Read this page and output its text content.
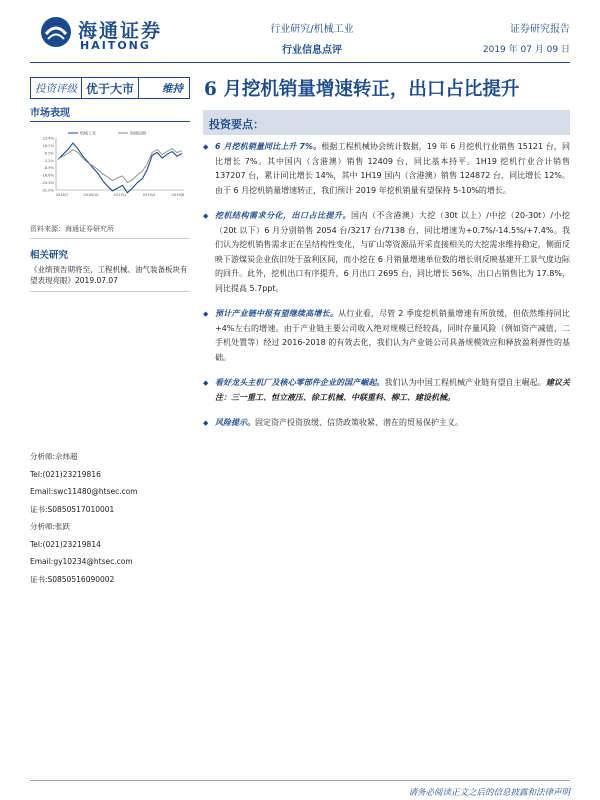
海通证券
HAITONG
行业研究/机械工业
行业信息点评
证券研究报告
2019 年 07 月 09 日
投资评级 优于大市	维持	6 月挖机销量增速转正，出口占比提升
市场表现
23.4%
16.2%
6.5%
-1.2%
-8.9%
-16.6%
-24.3%
-32.0%
2018/7	2018/10	2019/1	2019/4	2019/6
机械工业	海通综指
资料来源：海通证券研究所
相关研究
《业绩预告期将至，工程机械、油气装备板块有望表现亮眼》2019.07.07
分析师:佘炜超
Tel:(021)23219816
Email:swc11480@htsec.com
证书:S0850517010001
分析师:张跃
Tel:(021)23219814
Email:gy10234@htsec.com
证书:S0850516090002
投资要点：
◆ 6 月挖机销量同比上升 7%。根据工程机械协会统计数据，19 年 6 月挖机行业销售 15121 台，同比增长 7%。其中国内（含港澳）销售 12409 台，同比基本持平。1H19 挖机行业合计销售 137207 台，累计同比增长 14%，其中 1H19 国内（含港澳）销售 124872 台，同比增长 12%。由于 6 月挖机销量增速转正，我们预计 2019 年挖机销量有望保持 5-10%的增长。

◆ 挖机结构需求分化，出口占比提升。国内（不含港澳）大挖（30t 以上）/中挖（20-30t）/小挖（20t 以下）6 月分别销售 2054 台/3217 台/7138 台，同比增速为+0.7%/-14.5%/+7.4%。我们认为挖机销售需求正在呈结构性变化，与矿山等资源品开采直接相关的大挖需求维持稳定，侧面反映下游煤炭企业依旧处于盈利区间，而小挖在 6 月销量增速单位数的增长则反映基建开工景气度边际的回升。此外，挖机出口有序提升，6 月出口 2695 台，同比增长 56%，出口占销售比为 17.8%，同比提高 5.7ppt。

◆ 预计产业链中报有望继续高增长。从行业看，尽管 2 季度挖机销量增速有所放缓，但依然维持同比+4%左右的增速。由于产业链主要公司收入绝对规模已经较高，同时存量风险（例如资产减值、二手机处置等）经过 2016-2018 的有效去化，我们认为产业链公司具备规模效应和释放盈利弹性的基础。

◆ 看好龙头主机厂及核心零部件企业的国产崛起。我们认为中国工程机械产业链有望自主崛起。建议关注：三一重工、恒立液压、徐工机械、中联重科、柳工、建设机械。

◆ 风险提示。固定资产投资放缓、信贷政策收紧、潜在的贸易保护主义。

请务必阅读正文之后的信息披露和法律声明
